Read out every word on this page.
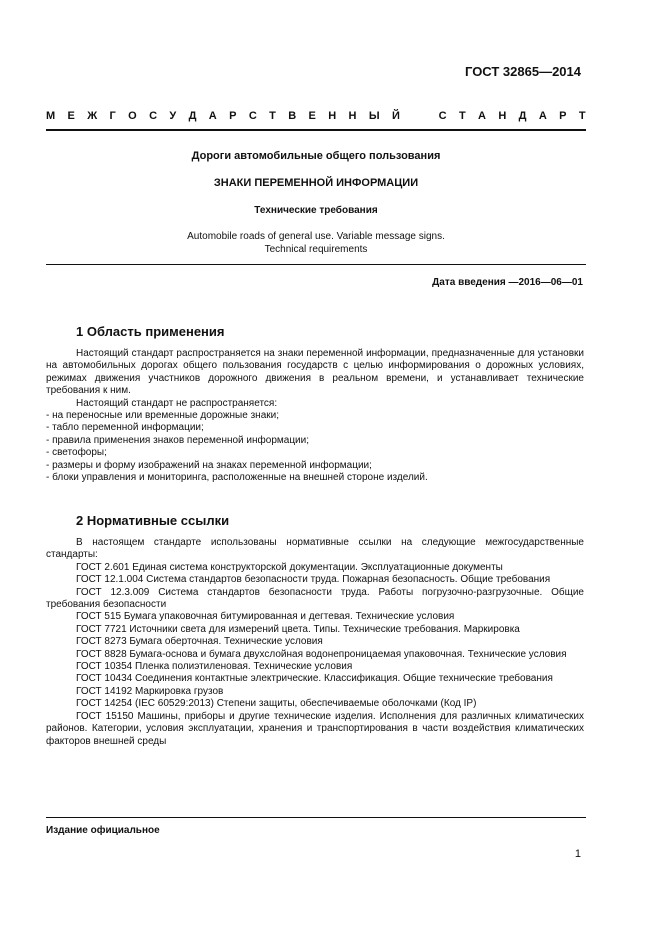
ГОСТ 32865—2014
М Е Ж Г О С У Д А Р С Т В Е Н Н Ы Й	С Т А Н Д А Р Т
Дороги автомобильные общего пользования
ЗНАКИ ПЕРЕМЕННОЙ ИНФОРМАЦИИ
Технические требования
Automobile roads of general use. Variable message signs.
Technical requirements
Дата введения —2016—06—01
1 Область применения

Настоящий стандарт распространяется на знаки переменной информации, предназначенные для установки на автомобильных дорогах общего пользования государств с целью информирования о дорожных условиях, режимах движения участников дорожного движения в реальном времени, и устанавливает технические требования к ним.

Настоящий стандарт не распространяется:

- на переносные или временные дорожные знаки;

- табло переменной информации;

- правила применения знаков переменной информации;

- светофоры;

- размеры и форму изображений на знаках переменной информации;

- блоки управления и мониторинга, расположенные на внешней стороне изделий.

2 Нормативные ссылки

В настоящем стандарте использованы нормативные ссылки на следующие межгосударственные стандарты:

ГОСТ 2.601 Единая система конструкторской документации. Эксплуатационные документы

ГОСТ 12.1.004 Система стандартов безопасности труда. Пожарная безопасность. Общие требования

ГОСТ 12.3.009 Система стандартов безопасности труда. Работы погрузочно-разгрузочные. Общие требования безопасности

ГОСТ 515 Бумага упаковочная битумированная и дегтевая. Технические условия

ГОСТ 7721 Источники света для измерений цвета. Типы. Технические требования. Маркировка

ГОСТ 8273 Бумага оберточная. Технические условия

ГОСТ 8828 Бумага-основа и бумага двухслойная водонепроницаемая упаковочная. Технические условия

ГОСТ 10354 Пленка полиэтиленовая. Технические условия

ГОСТ 10434 Соединения контактные электрические. Классификация. Общие технические требования

ГОСТ 14192 Маркировка грузов

ГОСТ 14254 (IEC 60529:2013) Степени защиты, обеспечиваемые оболочками (Код IP)

ГОСТ 15150 Машины, приборы и другие технические изделия. Исполнения для различных климатических районов. Категории, условия эксплуатации, хранения и транспортирования в части воздействия климатических факторов внешней среды

Издание официальное
1
